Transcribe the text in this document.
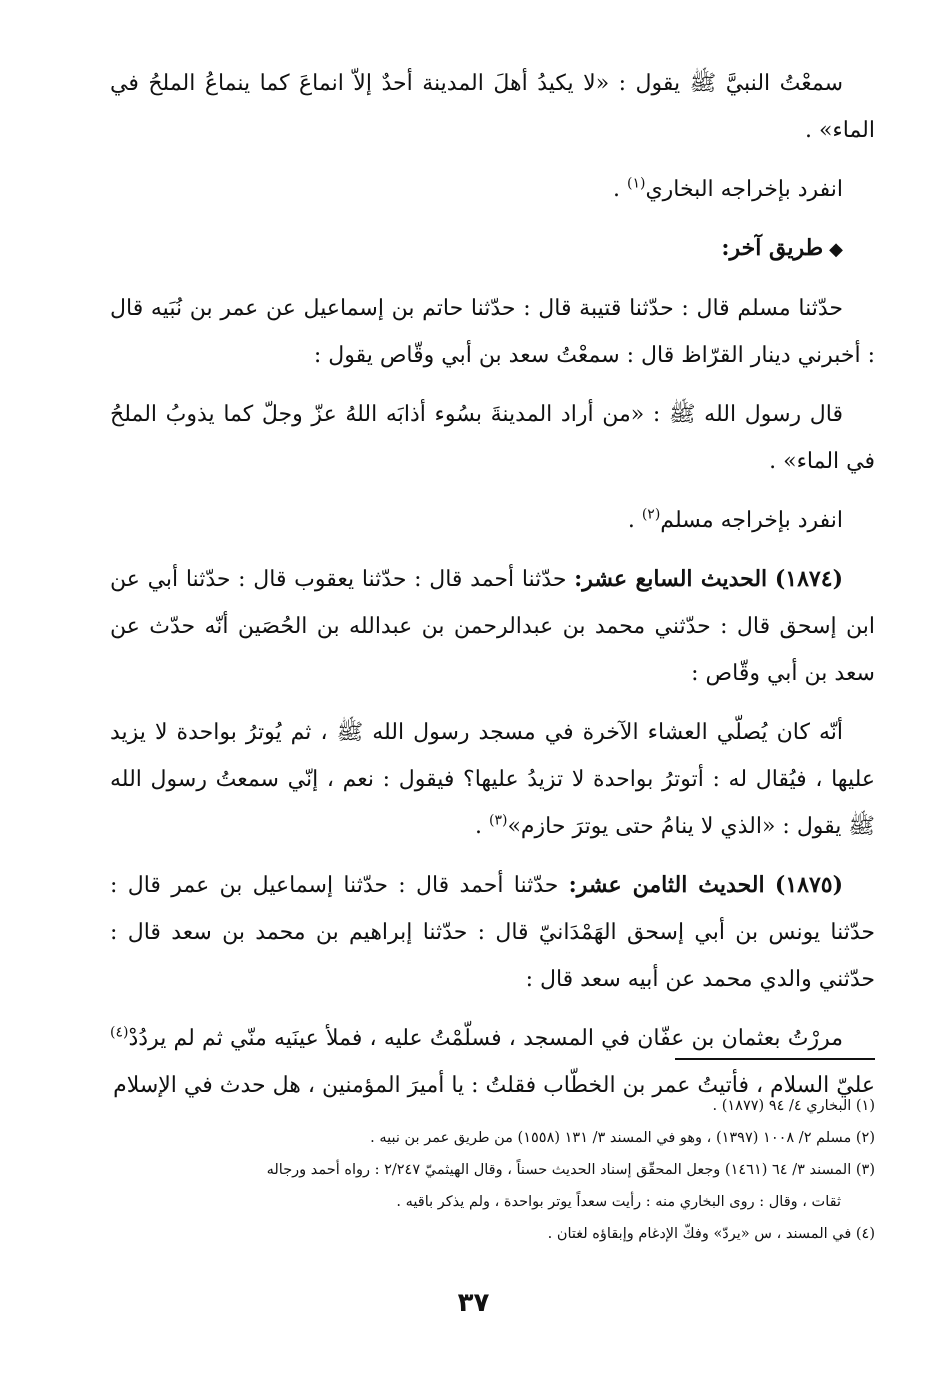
سمعْتُ النبيَّ ﷺ يقول : «لا يكيدُ أهلَ المدينة أحدٌ إلاّ انماعَ كما ينماعُ الملحُ في الماء» .

انفرد بإخراجه البخاري$^{(١)}$ .

◆طريق آخر:

حدّثنا مسلم قال : حدّثنا قتيبة قال : حدّثنا حاتم بن إسماعيل عن عمر بن نُبَيه قال : أخبرني دينار القرّاظ قال : سمعْتُ سعد بن أبي وقّاص يقول :

قال رسول الله ﷺ : «من أراد المدينةَ بسُوء أذابَه اللهُ عزّ وجلّ كما يذوبُ الملحُ في الماء» .

انفرد بإخراجه مسلم$^{(٢)}$ .

(١٨٧٤) الحديث السابع عشر: حدّثنا أحمد قال : حدّثنا يعقوب قال : حدّثنا أبي عن ابن إسحق قال : حدّثني محمد بن عبدالرحمن بن عبدالله بن الحُصَين أنّه حدّث عن سعد بن أبي وقّاص :

أنّه كان يُصلّي العشاء الآخرة في مسجد رسول الله ﷺ ، ثم يُوترُ بواحدة لا يزيد عليها ، فيُقال له : أتوترُ بواحدة لا تزيدُ عليها؟ فيقول : نعم ، إنّي سمعتُ رسول الله ﷺ يقول : «الذي لا ينامُ حتى يوترَ حازم»$^{(٣)}$ .

(١٨٧٥) الحديث الثامن عشر: حدّثنا أحمد قال : حدّثنا إسماعيل بن عمر قال : حدّثنا يونس بن أبي إسحق الهَمْدَانيّ قال : حدّثنا إبراهيم بن محمد بن سعد قال : حدّثني والدي محمد عن أبيه سعد قال :

مررْتُ بعثمان بن عفّان في المسجد ، فسلّمْتُ عليه ، فملأ عينَيه منّي ثم لم يردُدْ$^{(٤)}$ عليّ السلام ، فأتيتُ عمر بن الخطّاب فقلتُ : يا أميرَ المؤمنين ، هل حدث في الإسلام

(١) البخاري ٤/ ٩٤ (١٨٧٧) .

(٢) مسلم ٢/ ١٠٠٨ (١٣٩٧) ، وهو في المسند ٣/ ١٣١ (١٥٥٨) من طريق عمر بن نبيه .

(٣) المسند ٣/ ٦٤ (١٤٦١) وجعل المحقّق إسناد الحديث حسناً ، وقال الهيثميّ ٢/٢٤٧ : رواه أحمد ورجاله

ثقات ، وقال : روى البخاري منه : رأيت سعداً يوتر بواحدة ، ولم يذكر باقيه .

(٤) في المسند ، س «يردّ» وفكّ الإدغام وإبقاؤه لغتان .

٣٧
